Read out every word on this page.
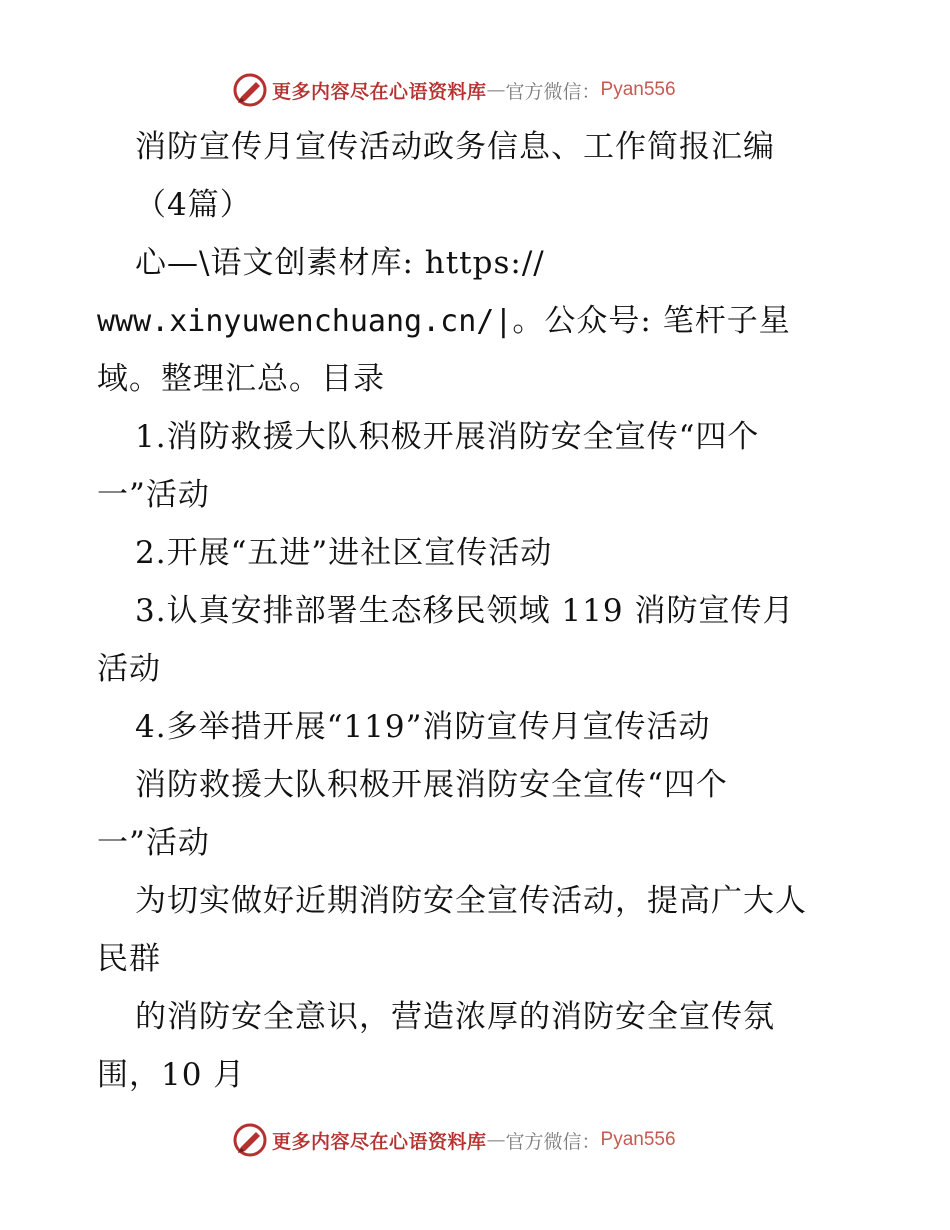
更多内容尽在心语资料库 — 官方微信： Pyan556
消防宣传月宣传活动政务信息、工作简报汇编
（4篇）
心—\语文创素材库: https://
www.xinyuwenchuang.cn/|。公众号: 笔杆子星
域。整理汇总。目录
1.消防救援大队积极开展消防安全宣传“四个
一”活动
2.开展“五进”进社区宣传活动
3.认真安排部署生态移民领域 119 消防宣传月
活动
4.多举措开展“119”消防宣传月宣传活动
消防救援大队积极开展消防安全宣传“四个
一”活动
为切实做好近期消防安全宣传活动，提高广大人
民群
的消防安全意识，营造浓厚的消防安全宣传氛
围，10 月
更多内容尽在心语资料库 — 官方微信： Pyan556
